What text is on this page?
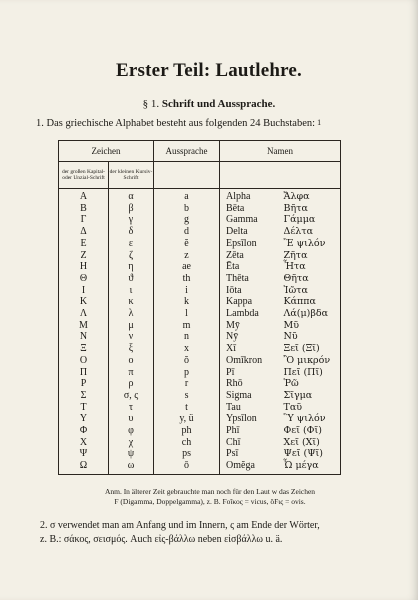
Erster Teil: Lautlehre.
§ 1. Schrift und Aussprache.
1. Das griechische Alphabet besteht aus folgenden 24 Buchstaben: $^1$
Zeichen		Aussprache	Namen	
der großen Kapital- oder Unzial-Schrift	der kleinen Kursiv-Schrift			
Α	α	a	Alpha	Ἄλφα
Β	β	b	Bēta	Βῆτα
Γ	γ	g	Gamma	Γάμμα
Δ	δ	d	Delta	Δέλτα
Ε	ε	ĕ	Epsīlon	Ἒ ψιλόν
Ζ	ζ	z	Zēta	Ζῆτα
Η	η	ae	Ēta	Ἦτα
Θ	ϑ	th	Thēta	Θῆτα
Ι	ι	i	Iōta	Ἰῶτα
Κ	κ	k	Kappa	Κάππα
Λ	λ	l	Lambda	Λά(μ)βδα
Μ	μ	m	Mȳ	Μῦ
Ν	ν	n	Nȳ	Νῦ
Ξ	ξ	x	Xī	Ξεῖ (Ξῖ)
Ο	ο	ŏ	Omīkron	Ὂ μικρόν
Π	π	p	Pī	Πεῖ (Πῖ)
Ρ	ρ	r	Rhō	Ῥῶ
Σ	σ, ς	s	Sigma	Σῖγμα
Τ	τ	t	Tau	Ταῦ
Υ	υ	y, ü	Ypsīlon	Ὓ ψιλόν
Φ	φ	ph	Phī	Φεῖ (Φῖ)
Χ	χ	ch	Chī	Χεῖ (Χῖ)
Ψ	ψ	ps	Psī	Ψεῖ (Ψῖ)
Ω	ω	ō	Omĕga	Ὦ μέγα
Anm. In älterer Zeit gebrauchte man noch für den Laut w das Zeichen
Ϝ (Digamma, Doppelgamma), z. B. Ϝοῖκος = vicus, ὄϜις = ovis.
2. σ verwendet man am Anfang und im Innern, ς am Ende der Wörter,
z. B.: σάκος, σεισμός. Auch εἰς-βάλλω neben εἰσβάλλω u. ä.
